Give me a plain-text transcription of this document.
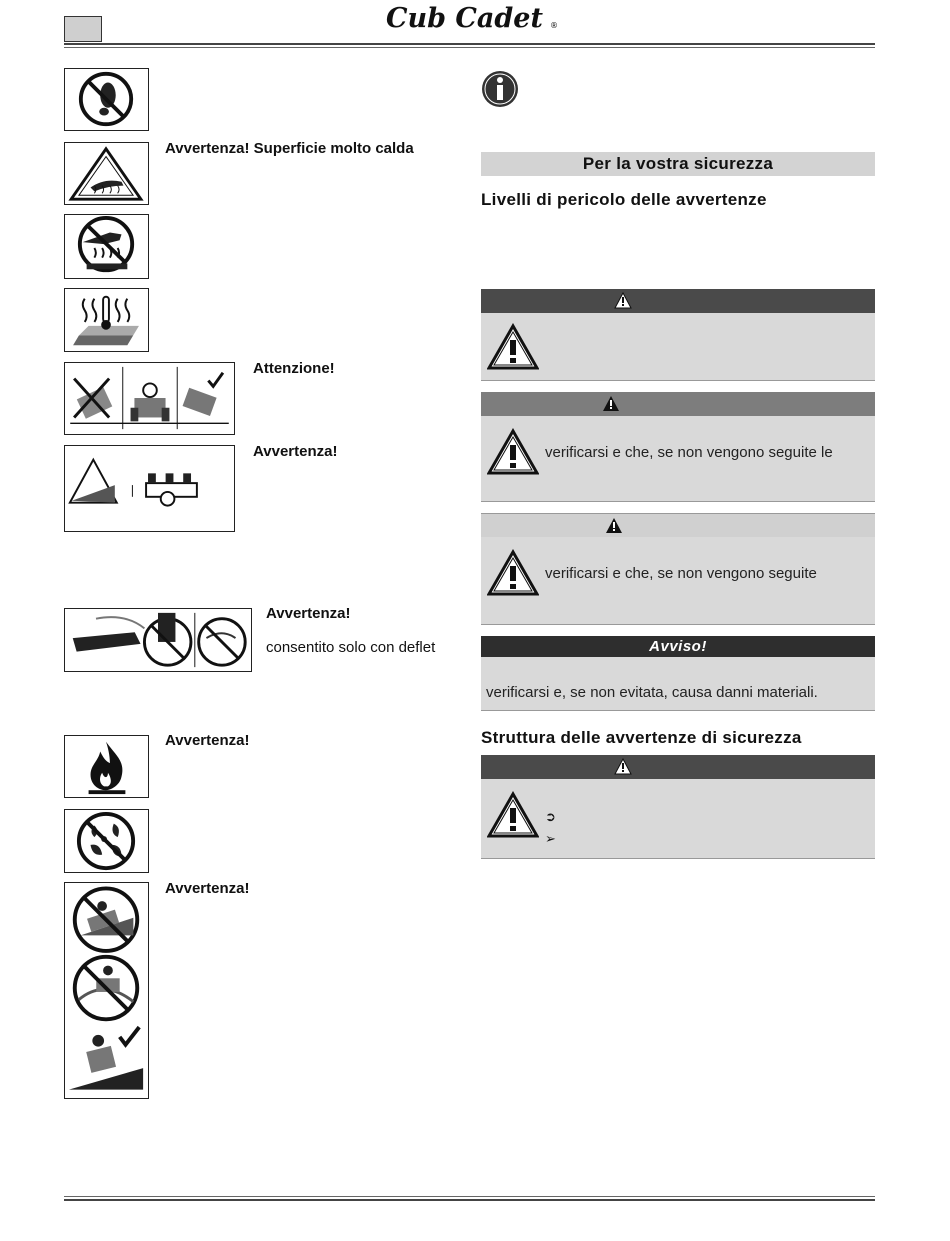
Cub Cadet ®
Avvertenza! Superficie molto calda
Attenzione!
Avvertenza!
Avvertenza!
consentito solo con deflet
Avvertenza!
Avvertenza!
Per la vostra sicurezza
Livelli di pericolo delle avvertenze
verificarsi e che, se non vengono seguite le
verificarsi e che, se non vengono seguite
Avviso!
verificarsi e, se non evitata, causa danni materiali.
Struttura delle avvertenze di sicurezza
➲
➢
